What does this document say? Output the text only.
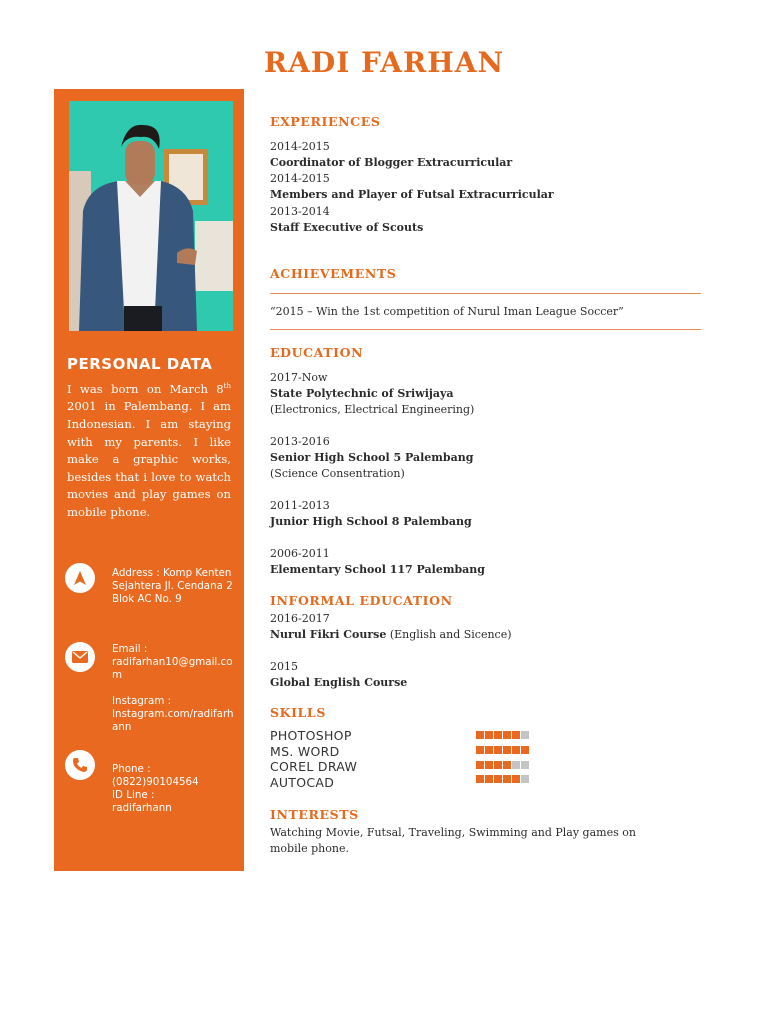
RADI FARHAN
PERSONAL DATA

I was born on March 8th 2001 in Palembang. I am Indonesian. I am staying with my parents. I like make a graphic works, besides that i love to watch movies and play games on mobile phone.

Address : Komp Kenten Sejahtera Jl. Cendana 2 Blok AC No. 9
Email :
radifarhan10@gmail.com
Instagram :
Instagram.com/radifarhann
Phone :
(0822)90104564
ID Line :
radifarhann
EXPERIENCES
2014-2015
Coordinator of Blogger Extracurricular
2014-2015
Members and Player of Futsal Extracurricular
2013-2014
Staff Executive of Scouts
ACHIEVEMENTS
“2015 – Win the 1st competition of Nurul Iman League Soccer”
EDUCATION
2017-Now
State Polytechnic of Sriwijaya
(Electronics, Electrical Engineering)
2013-2016
Senior High School 5 Palembang
(Science Consentration)
2011-2013
Junior High School 8 Palembang
2006-2011
Elementary School 117 Palembang
INFORMAL EDUCATION
2016-2017
Nurul Fikri Course (English and Sicence)
2015
Global English Course
SKILLS
PHOTOSHOP
MS. WORD
COREL DRAW
AUTOCAD
INTERESTS
Watching Movie, Futsal, Traveling, Swimming and Play games on
mobile phone.
